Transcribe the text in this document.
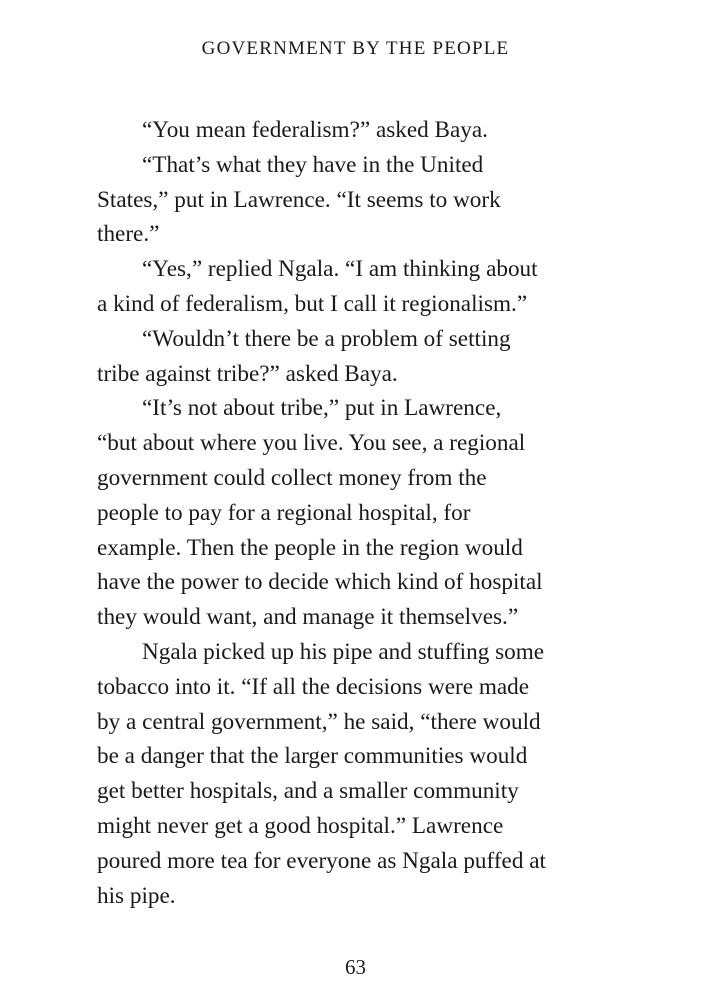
GOVERNMENT BY THE PEOPLE
“You mean federalism?” asked Baya.
“That’s what they have in the United
States,” put in Lawrence. “It seems to work
there.”
“Yes,” replied Ngala. “I am thinking about
a kind of federalism, but I call it regionalism.”
“Wouldn’t there be a problem of setting
tribe against tribe?” asked Baya.
“It’s not about tribe,” put in Lawrence,
“but about where you live. You see, a regional
government could collect money from the
people to pay for a regional hospital, for
example. Then the people in the region would
have the power to decide which kind of hospital
they would want, and manage it themselves.”
Ngala picked up his pipe and stuffing some
tobacco into it. “If all the decisions were made
by a central government,” he said, “there would
be a danger that the larger communities would
get better hospitals, and a smaller community
might never get a good hospital.” Lawrence
poured more tea for everyone as Ngala puffed at
his pipe.
63
